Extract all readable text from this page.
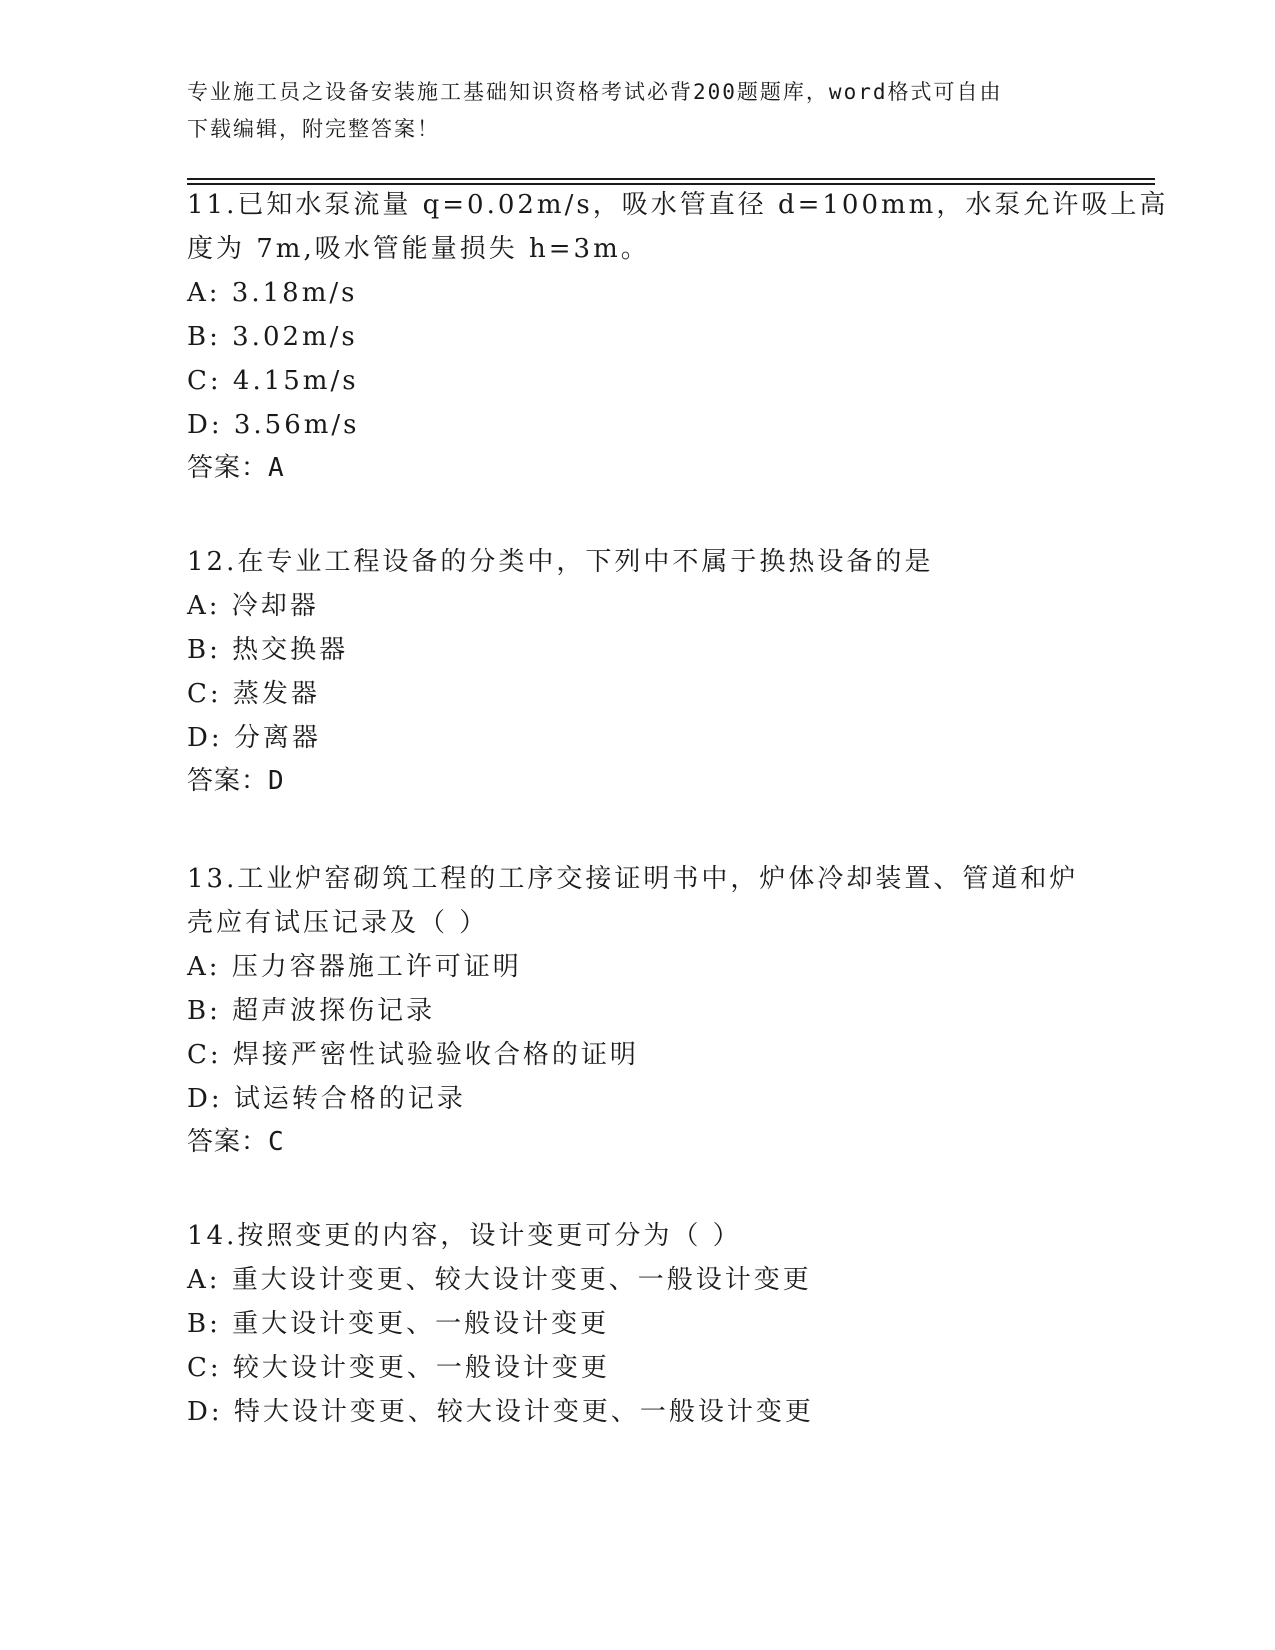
专业施工员之设备安装施工基础知识资格考试必背200题题库，word格式可自由
下载编辑，附完整答案！
11.已知水泵流量 q=0.02m/s，吸水管直径 d=100mm，水泵允许吸上高
度为 7m,吸水管能量损失 h=3m。
A: 3.18m/s
B: 3.02m/s
C: 4.15m/s
D: 3.56m/s
答案：A
12.在专业工程设备的分类中，下列中不属于换热设备的是
A: 冷却器
B: 热交换器
C: 蒸发器
D: 分离器
答案：D
13.工业炉窑砌筑工程的工序交接证明书中，炉体冷却装置、管道和炉
壳应有试压记录及（ ）
A: 压力容器施工许可证明
B: 超声波探伤记录
C: 焊接严密性试验验收合格的证明
D: 试运转合格的记录
答案：C
14.按照变更的内容，设计变更可分为（ ）
A: 重大设计变更、较大设计变更、一般设计变更
B: 重大设计变更、一般设计变更
C: 较大设计变更、一般设计变更
D: 特大设计变更、较大设计变更、一般设计变更
